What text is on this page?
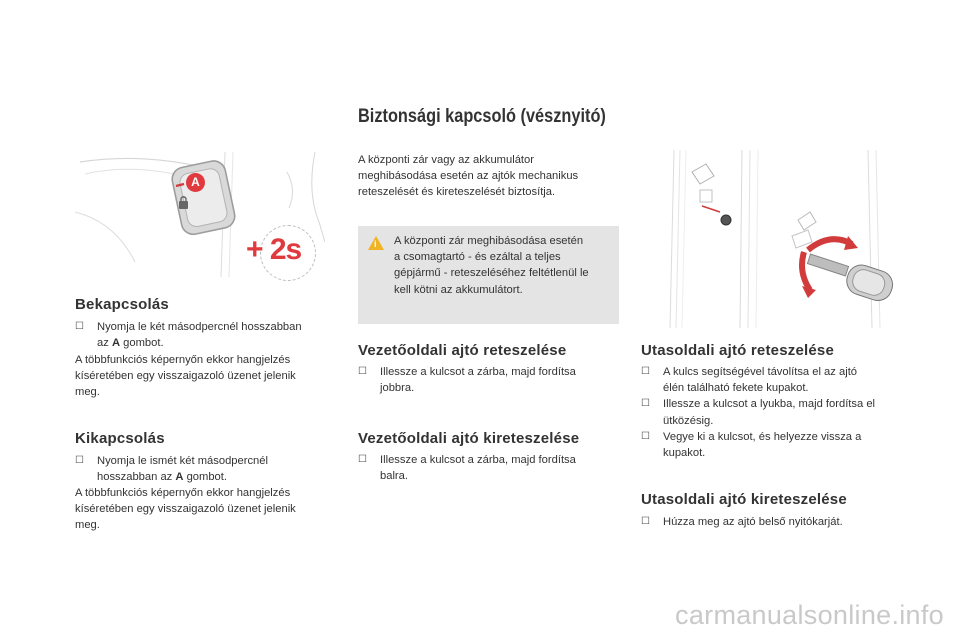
A
+ 2s
Bekapcsolás
☐ Nyomja le két másodpercnél hosszabban
az A gombot.
A többfunkciós képernyőn ekkor hangjelzés
kíséretében egy visszaigazoló üzenet jelenik
meg.
Kikapcsolás
☐ Nyomja le ismét két másodpercnél
hosszabban az A gombot.
A többfunkciós képernyőn ekkor hangjelzés
kíséretében egy visszaigazoló üzenet jelenik
meg.
Biztonsági kapcsoló (vésznyitó)
A központi zár vagy az akkumulátor
meghibásodása esetén az ajtók mechanikus
reteszelését és kireteszelését biztosítja.
i A központi zár meghibásodása esetén
a csomagtartó - és ezáltal a teljes
gépjármű - reteszeléséhez feltétlenül le
kell kötni az akkumulátort.
Vezetőoldali ajtó reteszelése
☐ Illessze a kulcsot a zárba, majd fordítsa
jobbra.
Vezetőoldali ajtó kireteszelése
☐ Illessze a kulcsot a zárba, majd fordítsa
balra.
Utasoldali ajtó reteszelése
☐ A kulcs segítségével távolítsa el az ajtó
élén található fekete kupakot.
☐ Illessze a kulcsot a lyukba, majd fordítsa el
ütközésig.
☐ Vegye ki a kulcsot, és helyezze vissza a
kupakot.
Utasoldali ajtó kireteszelése
☐ Húzza meg az ajtó belső nyitókarját.
carmanualsonline.info
